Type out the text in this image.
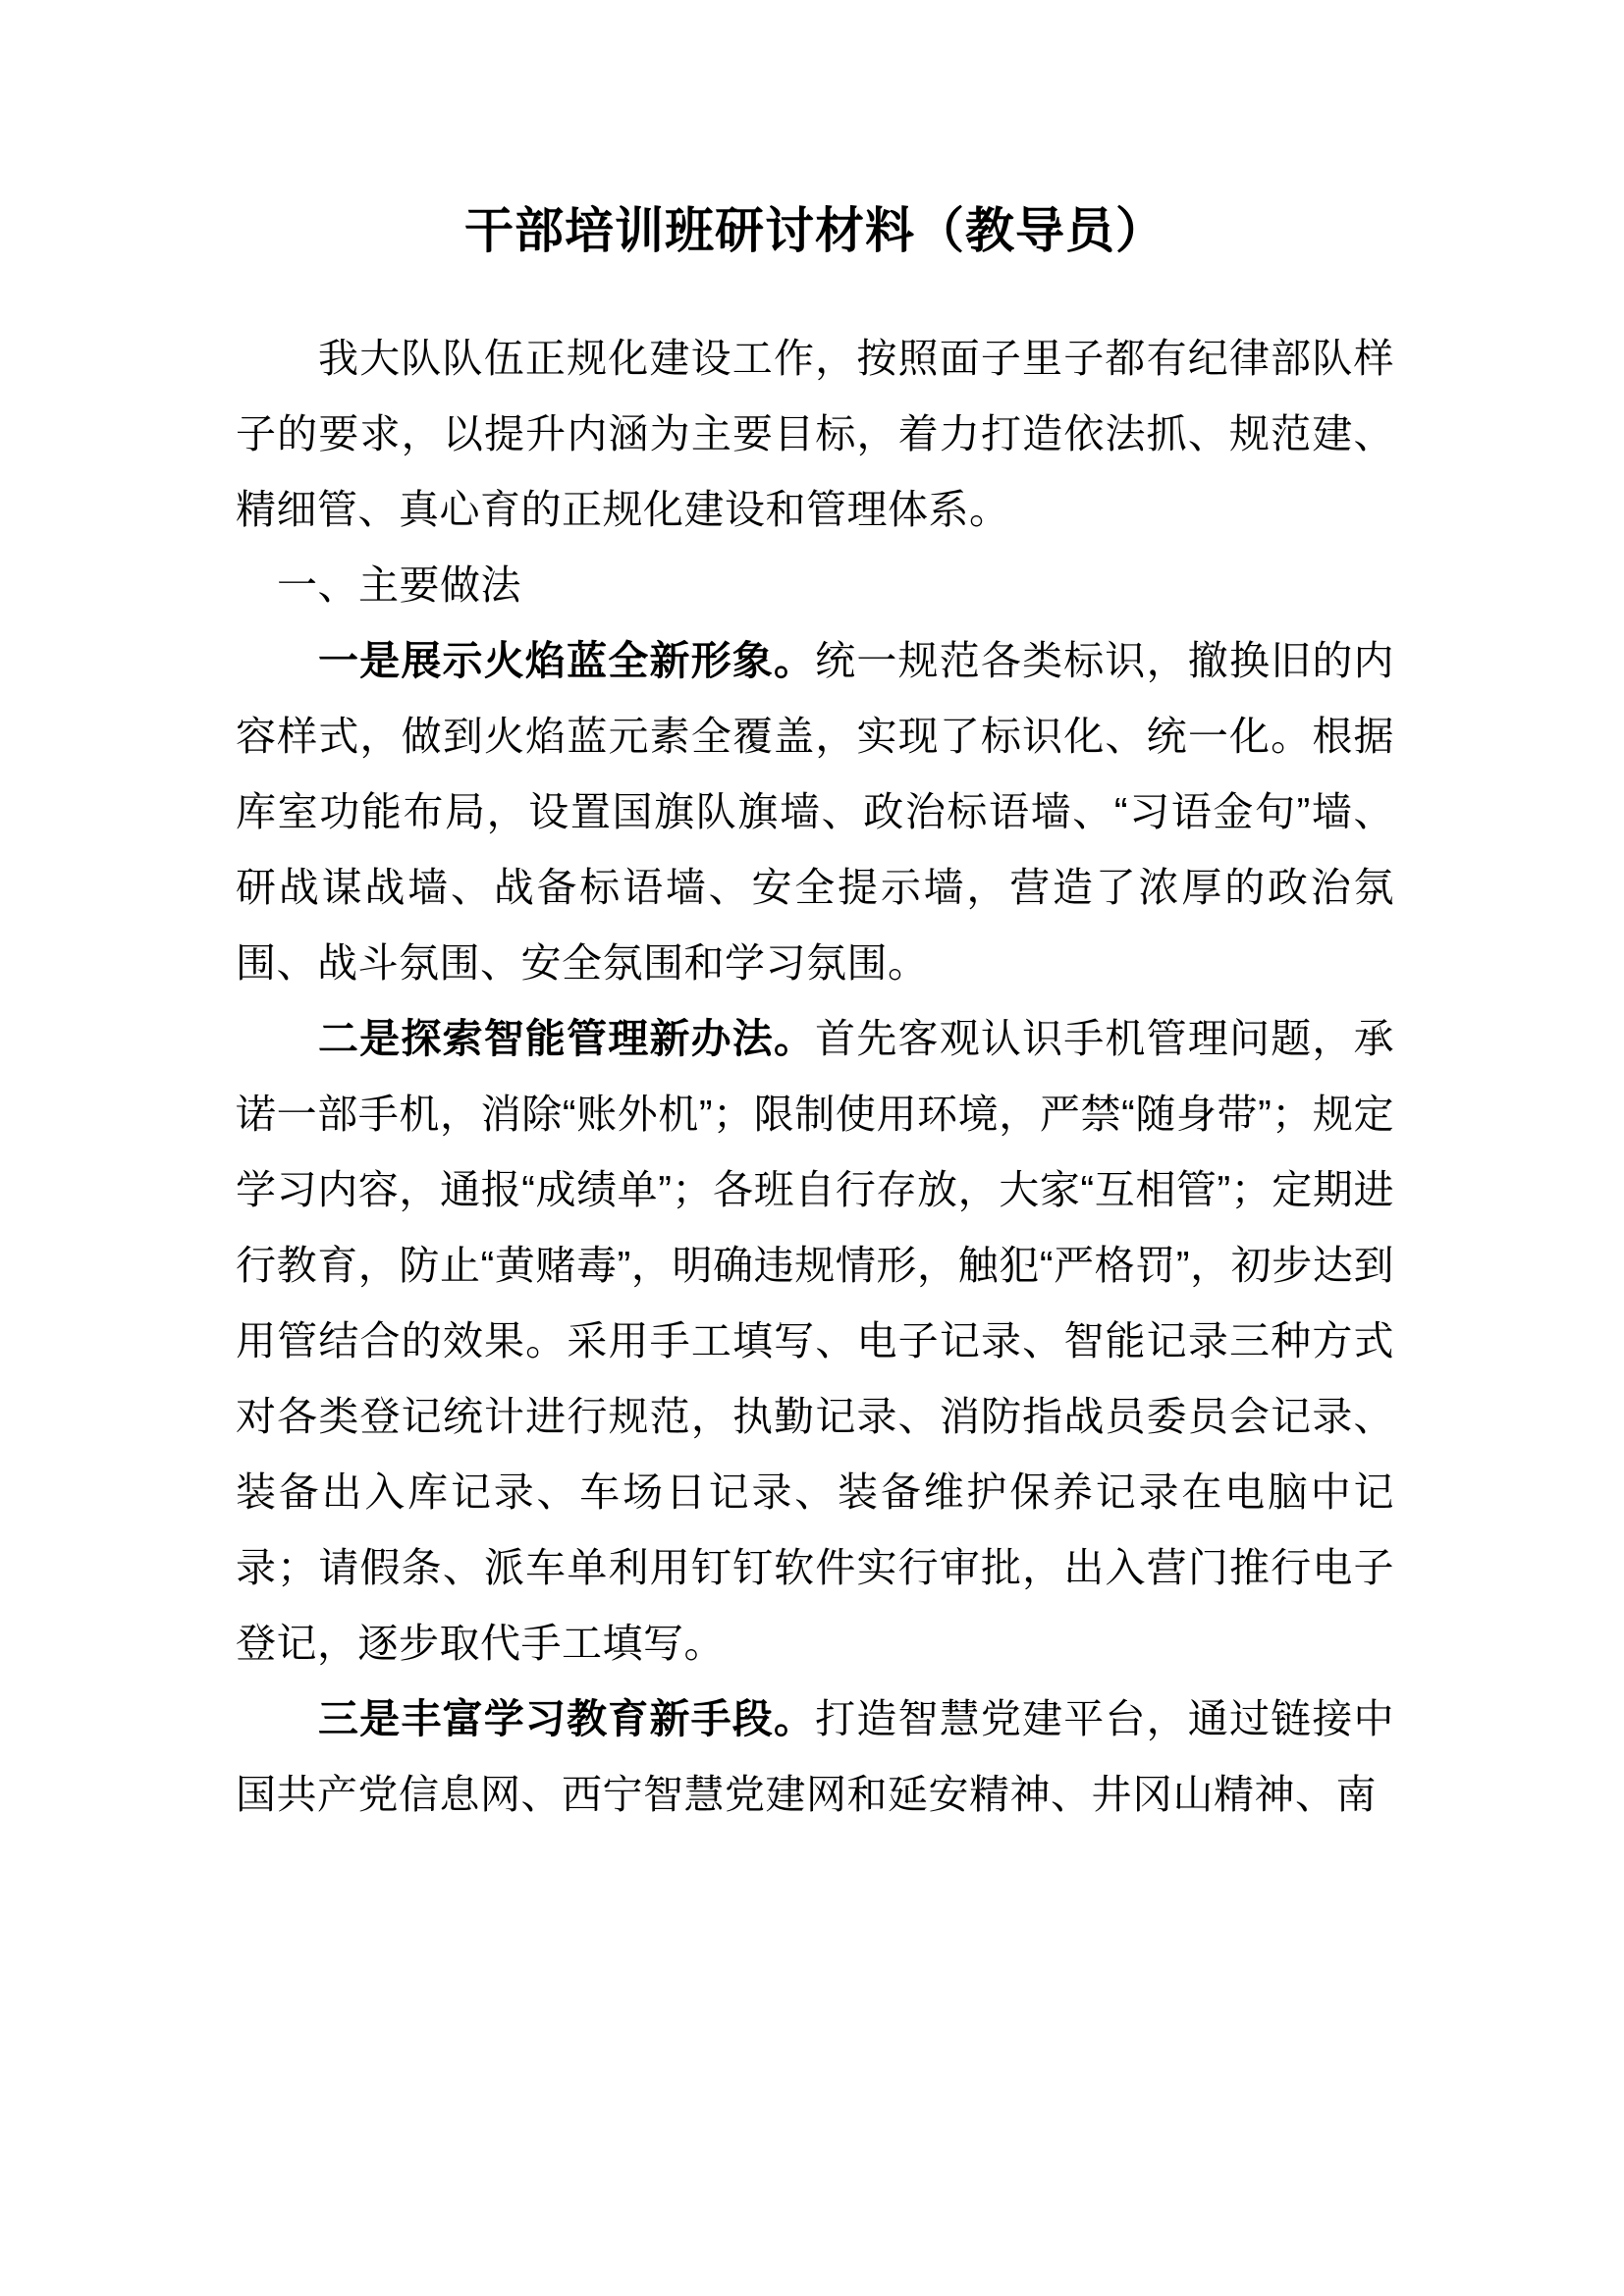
干部培训班研讨材料（教导员）

我大队队伍正规化建设工作，按照面子里子都有纪律部队样子的要求，以提升内涵为主要目标，着力打造依法抓、规范建、精细管、真心育的正规化建设和管理体系。

一、主要做法

一是展示火焰蓝全新形象。统一规范各类标识，撤换旧的内容样式，做到火焰蓝元素全覆盖，实现了标识化、统一化。根据库室功能布局，设置国旗队旗墙、政治标语墙、“习语金句”墙、研战谋战墙、战备标语墙、安全提示墙，营造了浓厚的政治氛围、战斗氛围、安全氛围和学习氛围。

二是探索智能管理新办法。首先客观认识手机管理问题，承诺一部手机，消除“账外机”；限制使用环境，严禁“随身带”；规定学习内容，通报“成绩单”；各班自行存放，大家“互相管”；定期进行教育，防止“黄赌毒”，明确违规情形，触犯“严格罚”，初步达到用管结合的效果。采用手工填写、电子记录、智能记录三种方式对各类登记统计进行规范，执勤记录、消防指战员委员会记录、装备出入库记录、车场日记录、装备维护保养记录在电脑中记录；请假条、派车单利用钉钉软件实行审批，出入营门推行电子登记，逐步取代手工填写。

三是丰富学习教育新手段。打造智慧党建平台，通过链接中国共产党信息网、西宁智慧党建网和延安精神、井冈山精神、南
